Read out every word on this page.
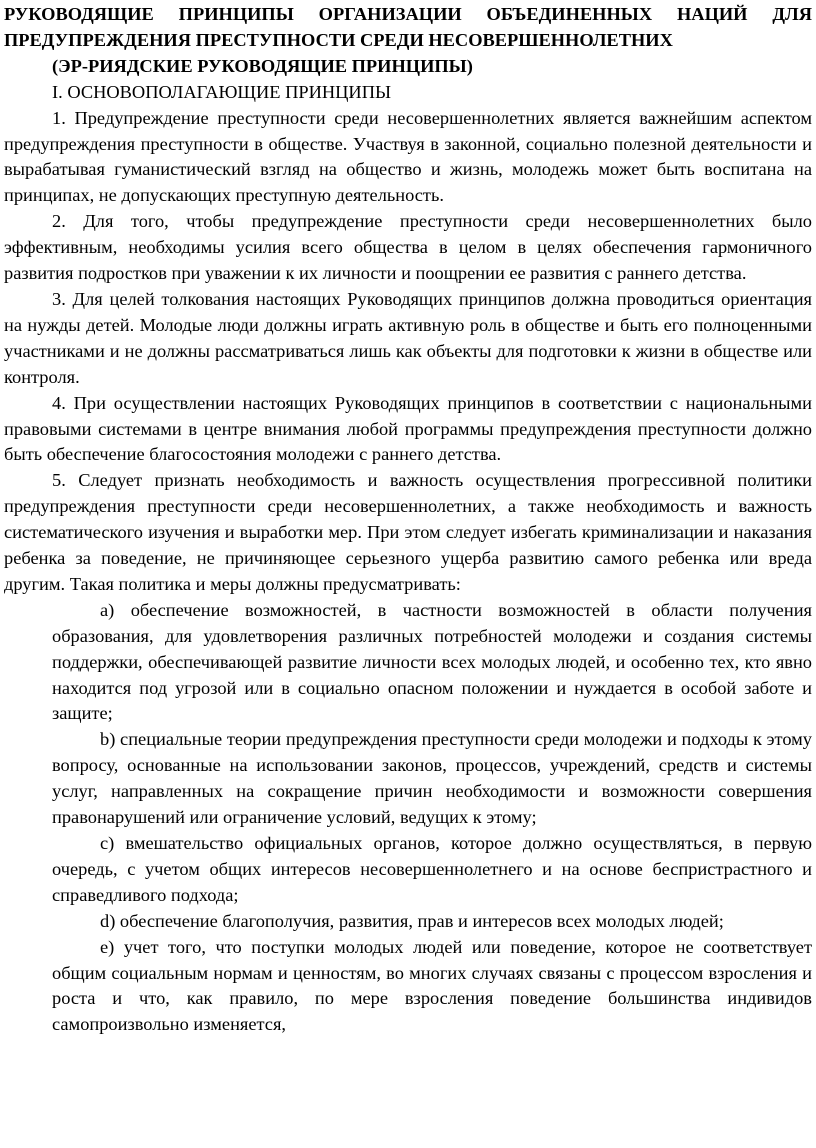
РУКОВОДЯЩИЕ ПРИНЦИПЫ ОРГАНИЗАЦИИ ОБЪЕДИНЕННЫХ НАЦИЙ ДЛЯ ПРЕДУПРЕЖДЕНИЯ ПРЕСТУПНОСТИ СРЕДИ НЕСОВЕРШЕННОЛЕТНИХ
(ЭР-РИЯДСКИЕ РУКОВОДЯЩИЕ ПРИНЦИПЫ)
I. ОСНОВОПОЛАГАЮЩИЕ ПРИНЦИПЫ

1. Предупреждение преступности среди несовершеннолетних является важнейшим аспектом предупреждения преступности в обществе. Участвуя в законной, социально полезной деятельности и вырабатывая гуманистический взгляд на общество и жизнь, молодежь может быть воспитана на принципах, не допускающих преступную деятельность.

2. Для того, чтобы предупреждение преступности среди несовершеннолетних было эффективным, необходимы усилия всего общества в целом в целях обеспечения гармоничного развития подростков при уважении к их личности и поощрении ее развития с раннего детства.

3. Для целей толкования настоящих Руководящих принципов должна проводиться ориентация на нужды детей. Молодые люди должны играть активную роль в обществе и быть его полноценными участниками и не должны рассматриваться лишь как объекты для подготовки к жизни в обществе или контроля.

4. При осуществлении настоящих Руководящих принципов в соответствии с национальными правовыми системами в центре внимания любой программы предупреждения преступности должно быть обеспечение благосостояния молодежи с раннего детства.

5. Следует признать необходимость и важность осуществления прогрессивной политики предупреждения преступности среди несовершеннолетних, а также необходимость и важность систематического изучения и выработки мер. При этом следует избегать криминализации и наказания ребенка за поведение, не причиняющее серьезного ущерба развитию самого ребенка или вреда другим. Такая политика и меры должны предусматривать:

a) обеспечение возможностей, в частности возможностей в области получения образования, для удовлетворения различных потребностей молодежи и создания системы поддержки, обеспечивающей развитие личности всех молодых людей, и особенно тех, кто явно находится под угрозой или в социально опасном положении и нуждается в особой заботе и защите;

b) специальные теории предупреждения преступности среди молодежи и подходы к этому вопросу, основанные на использовании законов, процессов, учреждений, средств и системы услуг, направленных на сокращение причин необходимости и возможности совершения правонарушений или ограничение условий, ведущих к этому;

c) вмешательство официальных органов, которое должно осуществляться, в первую очередь, с учетом общих интересов несовершеннолетнего и на основе беспристрастного и справедливого подхода;

d) обеспечение благополучия, развития, прав и интересов всех молодых людей;

e) учет того, что поступки молодых людей или поведение, которое не соответствует общим социальным нормам и ценностям, во многих случаях связаны с процессом взросления и роста и что, как правило, по мере взросления поведение большинства индивидов самопроизвольно изменяется,
